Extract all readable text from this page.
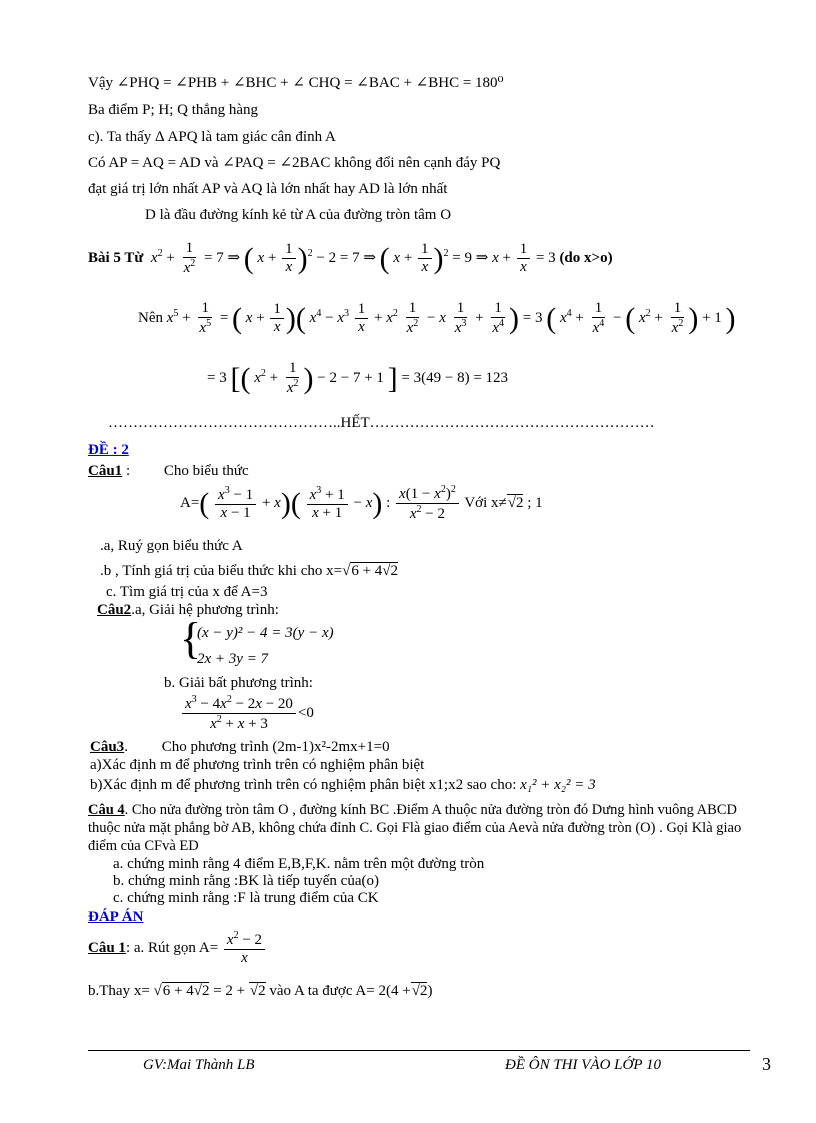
Vậy ∠PHQ = ∠PHB + ∠BHC + ∠ CHQ = ∠BAC + ∠BHC = 180⁰
Ba điểm P; H; Q thẳng hàng
c). Ta thấy Δ APQ là tam giác cân đỉnh A
Có AP = AQ = AD và ∠PAQ = ∠2BAC không đổi nên cạnh đáy PQ
đạt giá trị lớn nhất AP và AQ là lớn nhất hay AD là lớn nhất
D là đầu đường kính kẻ từ A của đường tròn tâm O
Bài 5 Từ $x^2 + \frac{1}{x^2} = 7$ ⇒ ( $x + \frac{1}{x} )^2 - 2 = 7$ ⇒ ( $x + \frac{1}{x} )^2 = 9$ ⇒ $x + \frac{1}{x} = 3$ (do x>o)
Nên $x^5 + \frac{1}{x^5}$ = ( $x + \frac{1}{x}$ )( $x^4 - x^3 \frac{1}{x} + x^2 \frac{1}{x^2} - x \frac{1}{x^3} + \frac{1}{x^4}$ ) = 3 ( $x^4 + \frac{1}{x^4}$ − ( $x^2 + \frac{1}{x^2}$ ) + 1 )
= 3 [( $x^2 + \frac{1}{x^2}$ ) − 2 − 7 + 1 ] = 3(49 − 8) = 123
………………………………………..HẾT…………………………………………………
ĐỀ : 2
Câu1 :         Cho biểu thức
$A=( \frac{x^3 - 1}{x - 1} + x)( \frac{x^3 + 1}{x + 1} - x)$ : $\frac{x(1 - x^2)^2}{x^2 - 2}$ Với x≠√2 ; 1
.a, Ruý gọn biểu thức A
.b , Tính giá trị của biểu thức khi cho x=√6 + 4√2
c. Tìm giá trị của x để A=3
Câu2.a, Giải hệ phương trình:
{
(x − y)² − 4 = 3(y − x)
2x + 3y = 7
b. Giải bất phương trình:
$\frac{x^3 - 4x^2 - 2x - 20}{x^2 + x + 3} <0$
Câu3.         Cho phương trình (2m-1)x²-2mx+1=0
a)Xác định m để phương trình trên có nghiệm phân biệt
b)Xác định m để phương trình trên có nghiệm phân biệt x1;x2 sao cho: x₁² + x₂² = 3
Câu 4. Cho nửa đường tròn tâm O , đường kính BC .Điểm A thuộc nửa đường tròn đó Dưng hình vuông ABCD
thuộc nửa mặt phẳng bờ AB, không chứa đỉnh C. Gọi Flà giao điểm của Aevà nửa đường tròn (O) . Gọi Klà giao
điểm của CFvà ED
a. chứng minh rằng 4 điểm E,B,F,K. nằm trên một đường tròn
b. chứng minh rằng :BK là tiếp tuyến của(o)
c. chứng minh rằng :F là trung điểm của CK
ĐÁP ÁN
Câu 1: a. Rút gọn $A= \frac{x^2 - 2}{x}$
b.Thay x= √6 + 4√2 = 2 + √2 vào A ta được A= 2(4 +√2)
GV:Mai Thành LB	ĐỀ ÔN THI VÀO LỚP 10	3
